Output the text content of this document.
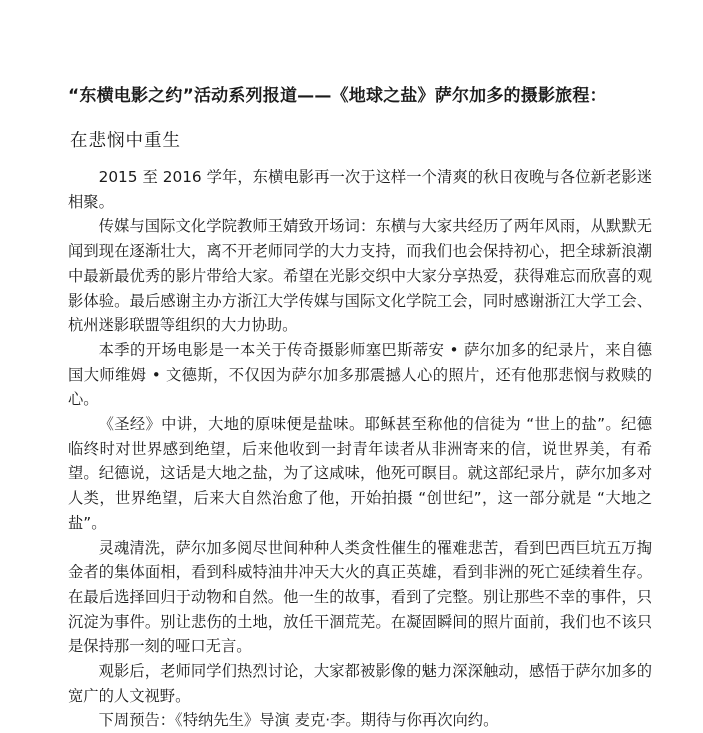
“东横电影之约”活动系列报道——《地球之盐》萨尔加多的摄影旅程：
在悲悯中重生

2015 至 2016 学年，东横电影再一次于这样一个清爽的秋日夜晚与各位新老影迷相聚。

传媒与国际文化学院教师王婧致开场词：东横与大家共经历了两年风雨，从默默无闻到现在逐渐壮大，离不开老师同学的大力支持，而我们也会保持初心，把全球新浪潮中最新最优秀的影片带给大家。希望在光影交织中大家分享热爱，获得难忘而欣喜的观影体验。最后感谢主办方浙江大学传媒与国际文化学院工会，同时感谢浙江大学工会、杭州迷影联盟等组织的大力协助。

本季的开场电影是一本关于传奇摄影师塞巴斯蒂安 • 萨尔加多的纪录片，来自德国大师维姆 • 文德斯，不仅因为萨尔加多那震撼人心的照片，还有他那悲悯与救赎的心。

《圣经》中讲，大地的原味便是盐味。耶稣甚至称他的信徒为 “世上的盐”。纪德临终时对世界感到绝望，后来他收到一封青年读者从非洲寄来的信，说世界美，有希望。纪德说，这话是大地之盐，为了这咸味，他死可瞑目。就这部纪录片，萨尔加多对人类，世界绝望，后来大自然治愈了他，开始拍摄 “创世纪”，这一部分就是 “大地之盐”。

灵魂清洗，萨尔加多阅尽世间种种人类贪性催生的罹难悲苦，看到巴西巨坑五万掏金者的集体面相，看到科威特油井冲天大火的真正英雄，看到非洲的死亡延续着生存。在最后选择回归于动物和自然。他一生的故事，看到了完整。别让那些不幸的事件，只沉淀为事件。别让悲伤的土地，放任干涸荒芜。在凝固瞬间的照片面前，我们也不该只是保持那一刻的哑口无言。

观影后，老师同学们热烈讨论，大家都被影像的魅力深深触动，感悟于萨尔加多的宽广的人文视野。

下周预告：《特纳先生》导演 麦克·李。期待与你再次向约。
